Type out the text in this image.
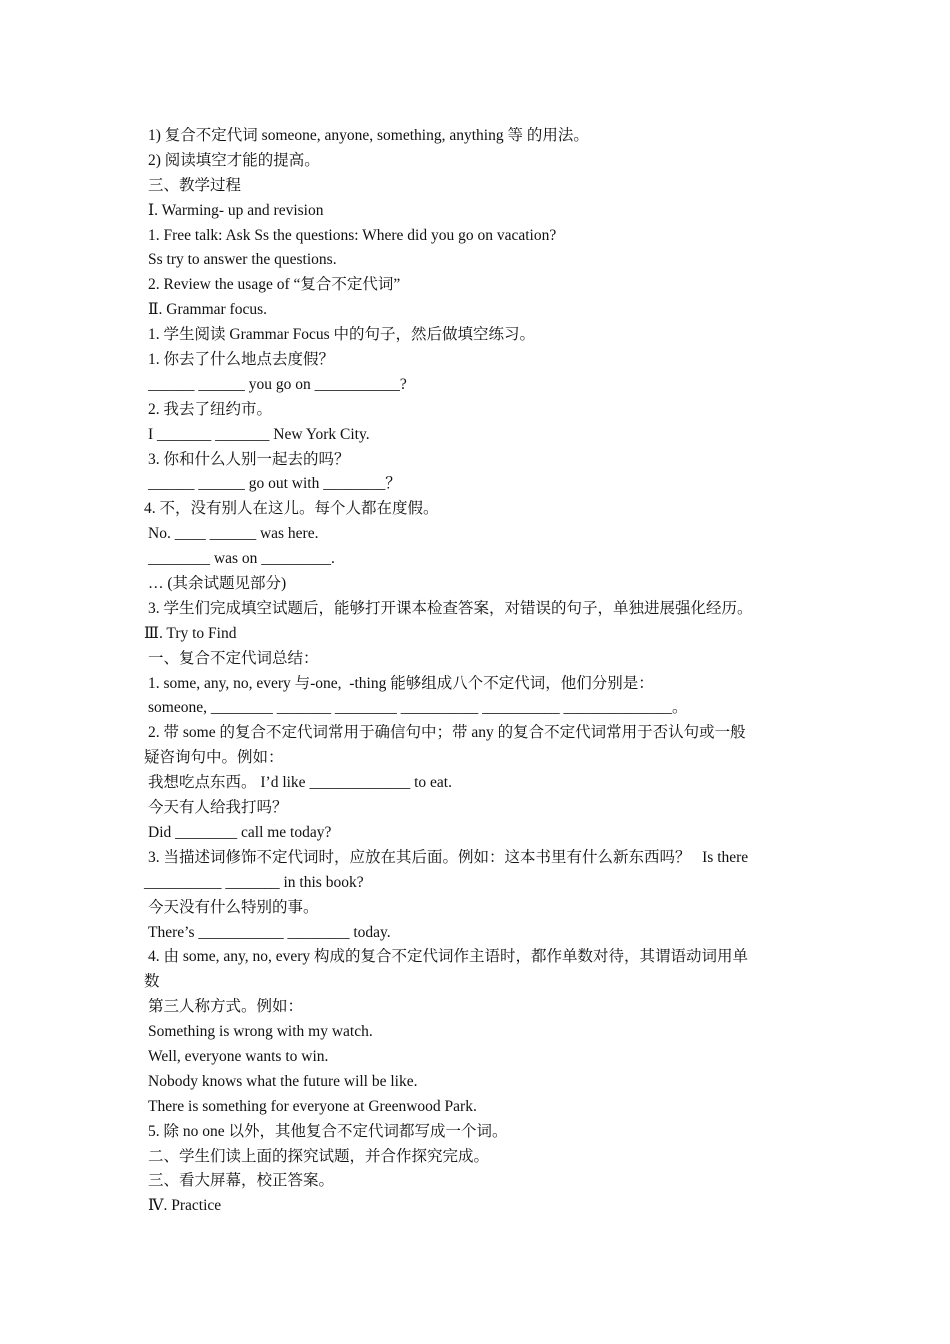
1) 复合不定代词 someone, anyone, something, anything 等 的用法。

2) 阅读填空才能的提高。

三、教学过程

Ⅰ. Warming- up and revision

1. Free talk: Ask Ss the questions: Where did you go on vacation?

Ss try to answer the questions.

2. Review the usage of “复合不定代词”

Ⅱ. Grammar focus.

1. 学生阅读 Grammar Focus 中的句子，然后做填空练习。

1. 你去了什么地点去度假？

______ ______ you go on ___________?

2. 我去了纽约市。

I _______ _______ New York City.

3. 你和什么人别一起去的吗？

______ ______ go out with ________？

4. 不，没有别人在这儿。每个人都在度假。

No. ____ ______ was here.

________ was on _________.

… (其余试题见部分)

3. 学生们完成填空试题后，能够打开课本检查答案，对错误的句子，单独进展强化经历。

Ⅲ. Try to Find

一、复合不定代词总结：

1. some, any, no, every 与-one,  -thing 能够组成八个不定代词，他们分别是：

someone, ________ _______ ________ __________ __________ ______________。

2. 带 some 的复合不定代词常用于确信句中；带 any 的复合不定代词常用于否认句或一般

疑咨询句中。例如：

我想吃点东西。 I’d like _____________ to eat.

今天有人给我打吗？

Did ________ call me today?

3. 当描述词修饰不定代词时，应放在其后面。例如：这本书里有什么新东西吗？   Is there

__________ _______ in this book?

今天没有什么特别的事。

There’s ___________ ________ today.

4. 由 some, any, no, every 构成的复合不定代词作主语时，都作单数对待，其谓语动词用单

数

第三人称方式。例如：

Something is wrong with my watch.

Well, everyone wants to win.

Nobody knows what the future will be like.

There is something for everyone at Greenwood Park.

5. 除 no one 以外，其他复合不定代词都写成一个词。

二、学生们读上面的探究试题，并合作探究完成。

三、看大屏幕，校正答案。

Ⅳ. Practice
